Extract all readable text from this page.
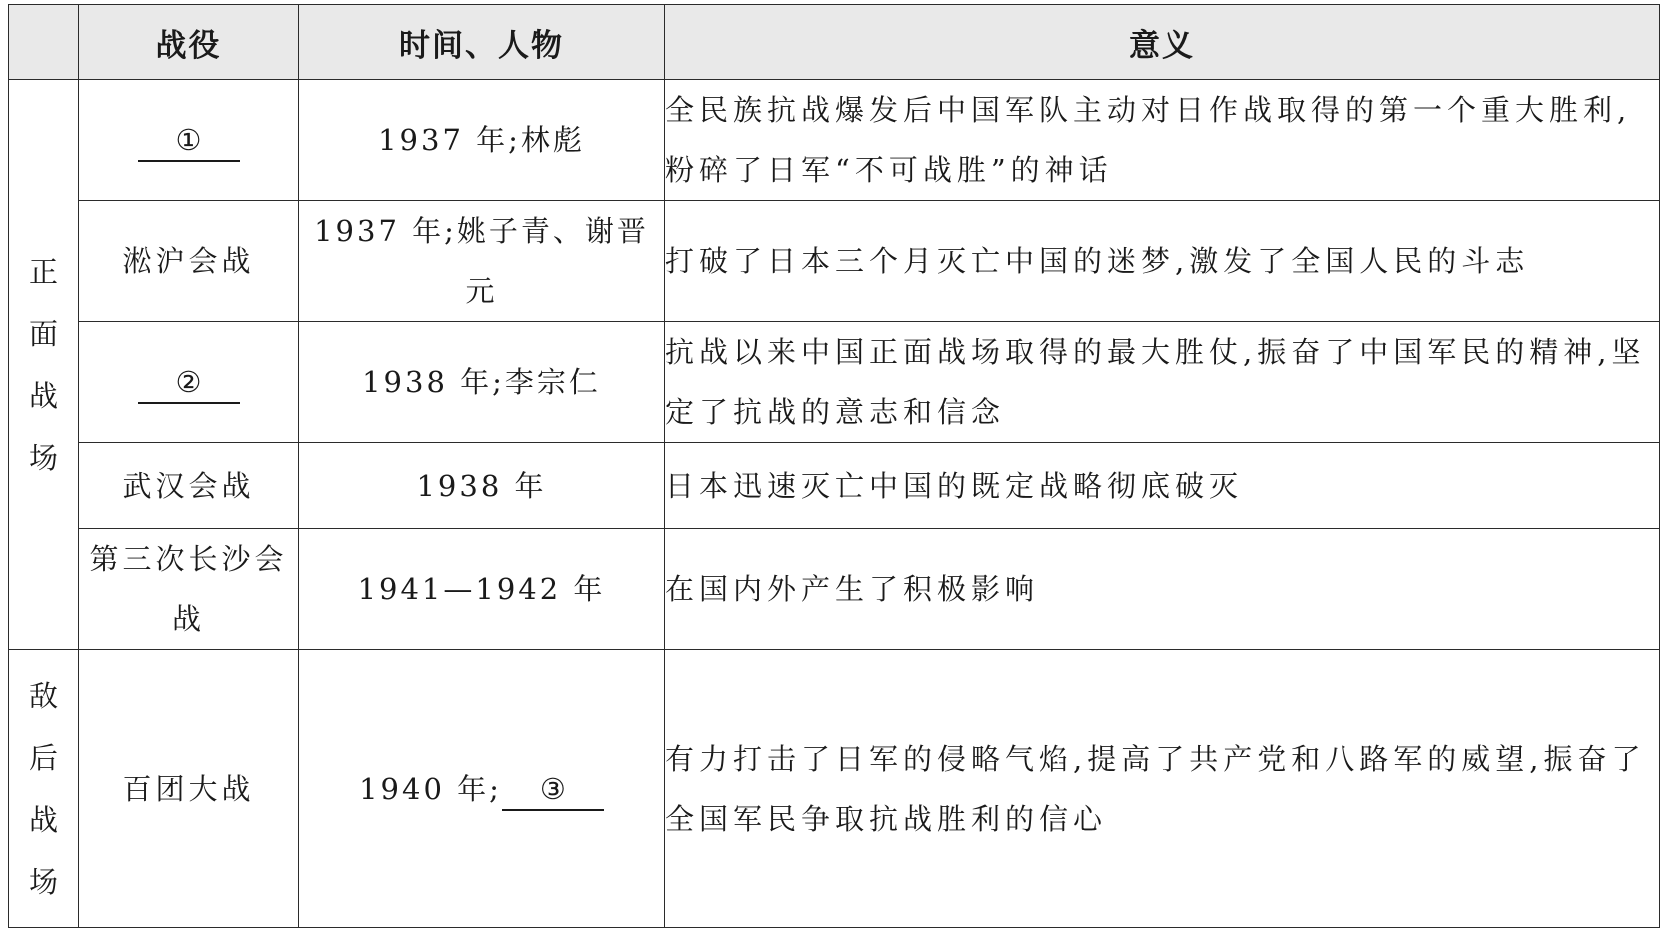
	战役	时间、人物	意义

正面战场	①	1937 年;林彪	全民族抗战爆发后中国军队主动对日作战取得的第一个重大胜利,粉碎了日军“不可战胜”的神话
	淞沪会战	1937 年;姚子青、谢晋元	打破了日本三个月灭亡中国的迷梦,激发了全国人民的斗志
	②	1938 年;李宗仁	抗战以来中国正面战场取得的最大胜仗,振奋了中国军民的精神,坚定了抗战的意志和信念
	武汉会战	1938 年	日本迅速灭亡中国的既定战略彻底破灭
	第三次长沙会战	1941—1942 年	在国内外产生了积极影响

敌后战场	百团大战	1940 年; ③	有力打击了日军的侵略气焰,提高了共产党和八路军的威望,振奋了全国军民争取抗战胜利的信心
